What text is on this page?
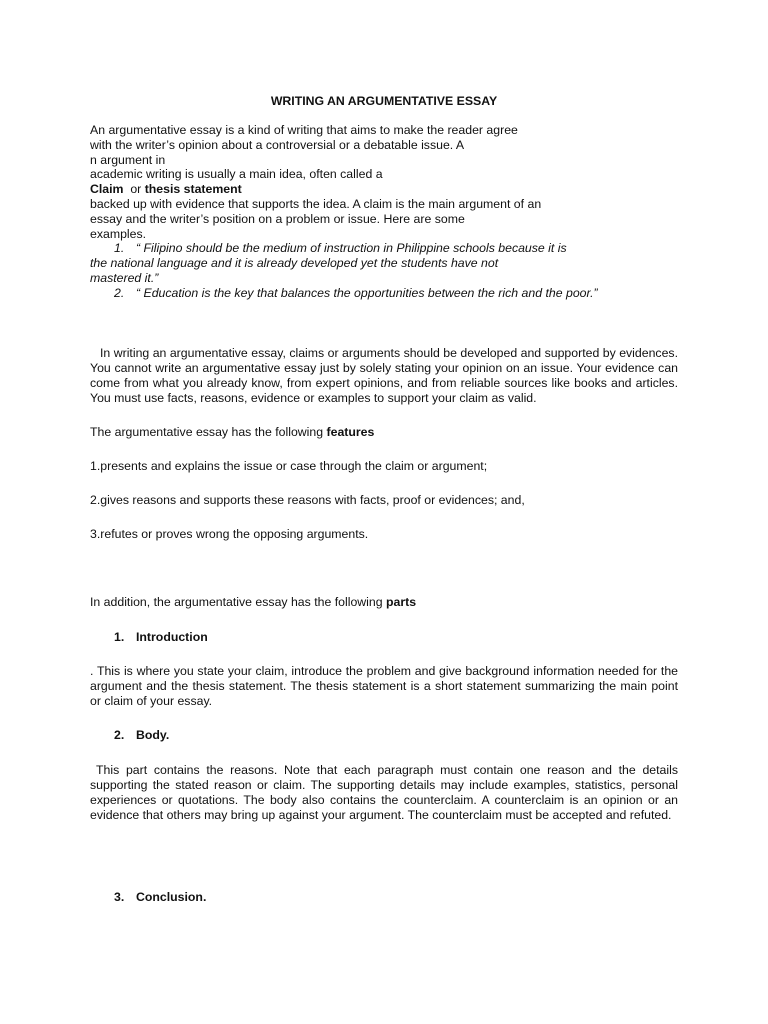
WRITING AN ARGUMENTATIVE ESSAY
An argumentative essay is a kind of writing that aims to make the reader agree
with the writer’s opinion about a controversial or a debatable issue. A
n argument in
academic writing is usually a main idea, often called a
Claim or thesis statement
backed up with evidence that supports the idea. A claim is the main argument of an
essay and the writer’s position on a problem or issue. Here are some
examples.
1. “ Filipino should be the medium of instruction in Philippine schools because it is
the national language and it is already developed yet the students have not
mastered it.”
2. “ Education is the key that balances the opportunities between the rich and the poor.”
In writing an argumentative essay, claims or arguments should be developed and supported by evidences. You cannot write an argumentative essay just by solely stating your opinion on an issue. Your evidence can come from what you already know, from expert opinions, and from reliable sources like books and articles. You must use facts, reasons, evidence or examples to support your claim as valid.
The argumentative essay has the following features
1.presents and explains the issue or case through the claim or argument;
2.gives reasons and supports these reasons with facts, proof or evidences; and,
3.refutes or proves wrong the opposing arguments.
In addition, the argumentative essay has the following parts
1. Introduction
. This is where you state your claim, introduce the problem and give background information needed for the argument and the thesis statement. The thesis statement is a short statement summarizing the main point or claim of your essay.
2. Body.
This part contains the reasons. Note that each paragraph must contain one reason and the details supporting the stated reason or claim. The supporting details may include examples, statistics, personal experiences or quotations. The body also contains the counterclaim. A counterclaim is an opinion or an evidence that others may bring up against your argument. The counterclaim must be accepted and refuted.
3. Conclusion.
